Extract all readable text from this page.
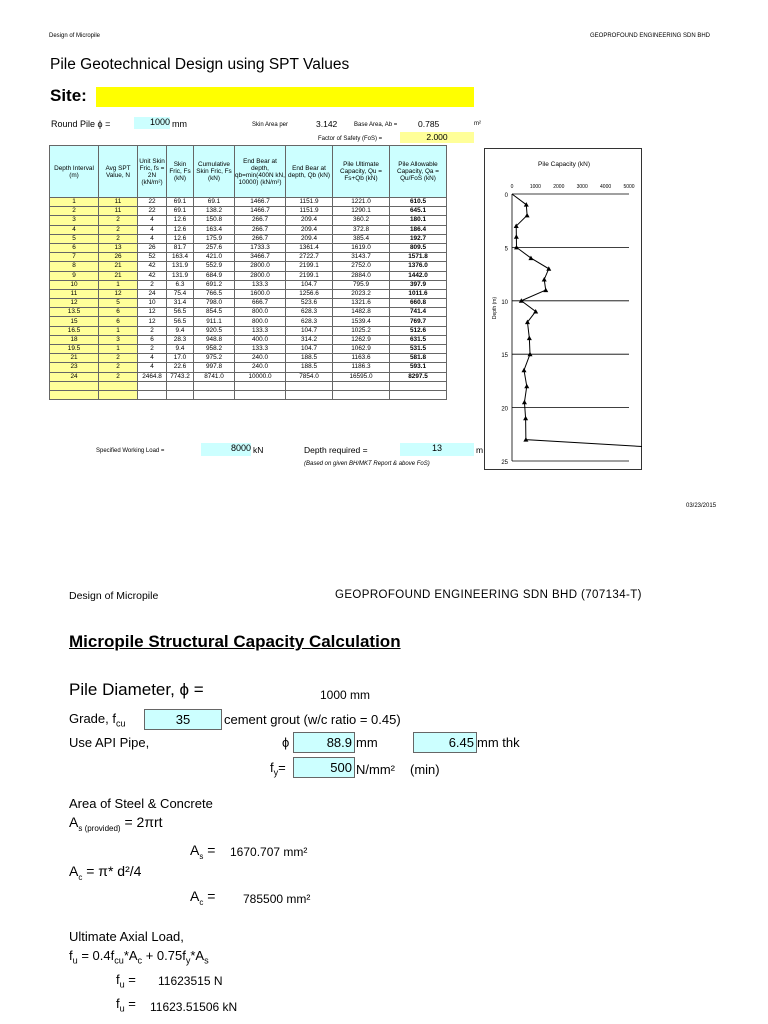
Design of Micropile	GEOPROFOUND ENGINEERING SDN BHD
Pile Geotechnical Design using SPT Values
Site:
Round Pile ϕ =	1000 mm	Skin Area per	3.142	Base Area, Ab = 0.785	m²
Factor of Safety (FoS) =	2.000
Depth Interval (m)	Avg SPT Value, N	Unit Skin Fric, fs = 2N (kN/m²)	Skin Fric, Fs (kN)	Cumulative Skin Fric, Fs (kN)	End Bear at depth, qb=min(400N kN, 10000) (kN/m²)	End Bear at depth, Qb (kN)	Pile Ultimate Capacity, Qu = Fs+Qb (kN)	Pile Allowable Capacity, Qa = Qu/FoS (kN)
1	11	22	69.1	69.1	1466.7	1151.9	1221.0	610.5
2	11	22	69.1	138.2	1466.7	1151.9	1290.1	645.1
3	2	4	12.6	150.8	266.7	209.4	360.2	180.1
4	2	4	12.6	163.4	266.7	209.4	372.8	186.4
5	2	4	12.6	175.9	266.7	209.4	385.4	192.7
6	13	26	81.7	257.6	1733.3	1361.4	1619.0	809.5
7	26	52	163.4	421.0	3466.7	2722.7	3143.7	1571.8
8	21	42	131.9	552.9	2800.0	2199.1	2752.0	1376.0
9	21	42	131.9	684.9	2800.0	2199.1	2884.0	1442.0
10	1	2	6.3	691.2	133.3	104.7	795.9	397.9
11	12	24	75.4	766.5	1600.0	1256.6	2023.2	1011.6
12	5	10	31.4	798.0	666.7	523.6	1321.6	660.8
13.5	6	12	56.5	854.5	800.0	628.3	1482.8	741.4
15	6	12	56.5	911.1	800.0	628.3	1539.4	769.7
16.5	1	2	9.4	920.5	133.3	104.7	1025.2	512.6
18	3	6	28.3	948.8	400.0	314.2	1262.9	631.5
19.5	1	2	9.4	958.2	133.3	104.7	1062.9	531.5
21	2	4	17.0	975.2	240.0	188.5	1163.6	581.8
23	2	4	22.6	997.8	240.0	188.5	1186.3	593.1
24	2	2464.8	7743.2	8741.0	10000.0	7854.0	16595.0	8297.5

Specified Working Load =	8000 kN	Depth required =	13	m
(Based on given BH/MKT Report & above FoS)
Pile Capacity (kN)
0	1000 2000 3000 4000 5000
0
5
10
15
20
25
Depth (m)
03/23/2015
Design of Micropile	GEOPROFOUND ENGINEERING SDN BHD (707134-T)
Micropile Structural Capacity Calculation
Pile Diameter, ϕ =	1000 mm
Grade, $f_{cu}$	35	cement grout (w/c ratio = 0.45)
Use API Pipe,	ϕ	88.9 mm	6.45 mm thk
$f_y=$	500 N/mm² (min)
Area of Steel & Concrete
$A_{s (provided)} = 2\pi rt$
$A_s = 1670.707$ mm²
$A_c = \pi*$ d²/4
$A_c = 785500$ mm²
Ultimate Axial Load,
$f_u = 0.4f_{cu}*A_c + 0.75f_y*A_s$
$f_u = 11623515$ N
$f_u = 11623.51506$ kN
